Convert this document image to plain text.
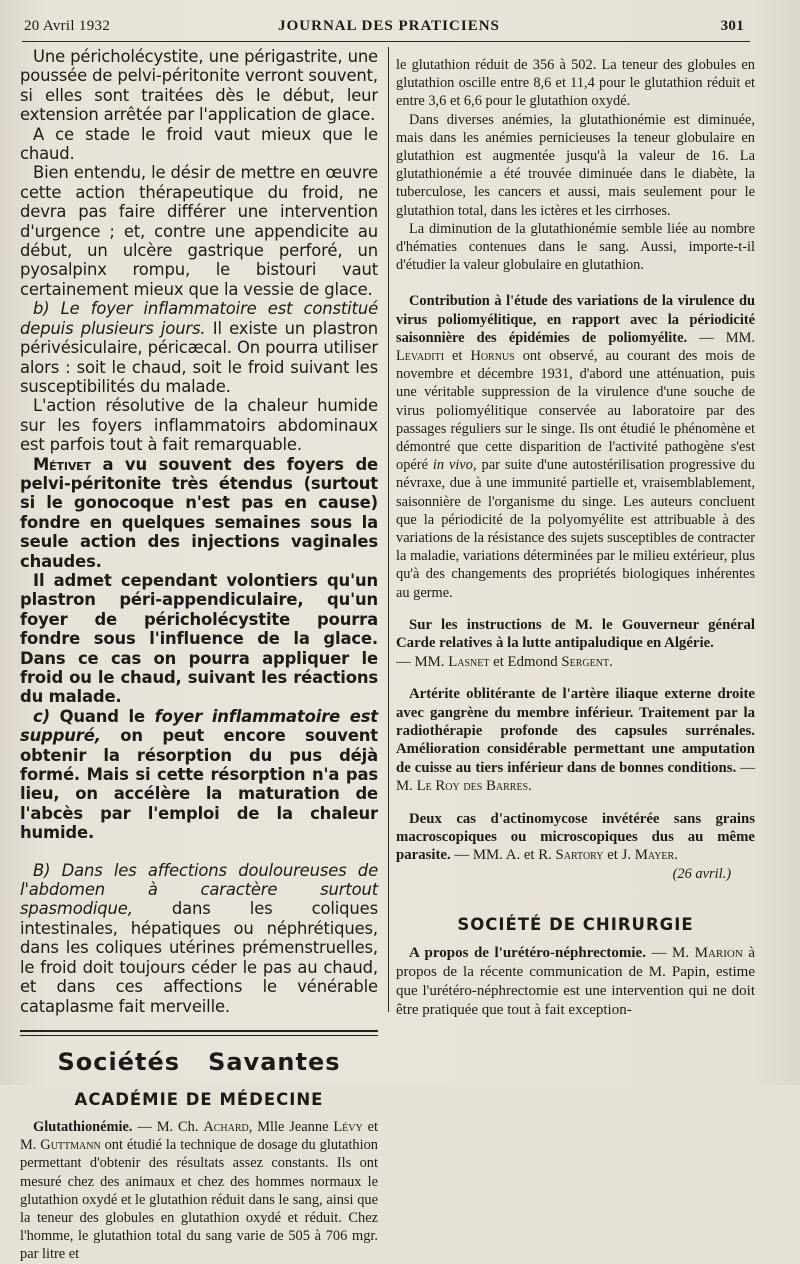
20 Avril 1932	JOURNAL DES PRATICIENS	301

Une péricholécystite, une périgastrite, une poussée de pelvi-péritonite verront souvent, si elles sont traitées dès le début, leur extension arrêtée par l'application de glace.

A ce stade le froid vaut mieux que le chaud.

Bien entendu, le désir de mettre en œuvre cette action thérapeutique du froid, ne devra pas faire différer une intervention d'urgence ; et, contre une appendicite au début, un ulcère gastrique perforé, un pyosalpinx rompu, le bistouri vaut certainement mieux que la vessie de glace.

b) Le foyer inflammatoire est constitué depuis plusieurs jours. Il existe un plastron périvésiculaire, péricæcal. On pourra utiliser alors : soit le chaud, soit le froid suivant les susceptibilités du malade.

L'action résolutive de la chaleur humide sur les foyers inflammatoirs abdominaux est parfois tout à fait remarquable.

Métivet a vu souvent des foyers de pelvi-péritonite très étendus (surtout si le gonocoque n'est pas en cause) fondre en quelques semaines sous la seule action des injections vaginales chaudes.

Il admet cependant volontiers qu'un plastron péri-appendiculaire, qu'un foyer de péricholécystite pourra fondre sous l'influence de la glace. Dans ce cas on pourra appliquer le froid ou le chaud, suivant les réactions du malade.

c) Quand le foyer inflammatoire est suppuré, on peut encore souvent obtenir la résorption du pus déjà formé. Mais si cette résorption n'a pas lieu, on accélère la maturation de l'abcès par l'emploi de la chaleur humide.

B) Dans les affections douloureuses de l'abdomen à caractère surtout spasmodique, dans les coliques intestinales, hépatiques ou néphrétiques, dans les coliques utérines prémenstruelles, le froid doit toujours céder le pas au chaud, et dans ces affections le vénérable cataplasme fait merveille.

Sociétés   Savantes

ACADÉMIE DE MÉDECINE

Glutathionémie. — M. Ch. Achard, Mlle Jeanne Lévy et M. Guttmann ont étudié la technique de dosage du glutathion permettant d'obtenir des résultats assez constants. Ils ont mesuré chez des animaux et chez des hommes normaux le glutathion oxydé et le glutathion réduit dans le sang, ainsi que la teneur des globules en glutathion oxydé et réduit. Chez l'homme, le glutathion total du sang varie de 505 à 706 mgr. par litre et

le glutathion réduit de 356 à 502. La teneur des globules en glutathion oscille entre 8,6 et 11,4 pour le glutathion réduit et entre 3,6 et 6,6 pour le glutathion oxydé.

Dans diverses anémies, la glutathionémie est diminuée, mais dans les anémies pernicieuses la teneur globulaire en glutathion est augmentée jusqu'à la valeur de 16. La glutathionémie a été trouvée diminuée dans le diabète, la tuberculose, les cancers et aussi, mais seulement pour le glutathion total, dans les ictères et les cirrhoses.

La diminution de la glutathionémie semble liée au nombre d'hématies contenues dans le sang. Aussi, importe-t-il d'étudier la valeur globulaire en glutathion.

Contribution à l'étude des variations de la virulence du virus poliomyélitique, en rapport avec la périodicité saisonnière des épidémies de poliomyélite. — MM. Levaditi et Hornus ont observé, au courant des mois de novembre et décembre 1931, d'abord une atténuation, puis une véritable suppression de la virulence d'une souche de virus poliomyélitique conservée au laboratoire par des passages réguliers sur le singe. Ils ont étudié le phénomène et démontré que cette disparition de l'activité pathogène s'est opéré in vivo, par suite d'une autostérilisation progressive du névraxe, due à une immunité partielle et, vraisemblablement, saisonnière de l'organisme du singe. Les auteurs concluent que la périodicité de la polyomyélite est attribuable à des variations de la résistance des sujets susceptibles de contracter la maladie, variations déterminées par le milieu extérieur, plus qu'à des changements des propriétés biologiques inhérentes au germe.

Sur les instructions de M. le Gouverneur général Carde relatives à la lutte antipaludique en Algérie.
— MM. Lasnet et Edmond Sergent.

Artérite oblitérante de l'artère iliaque externe droite avec gangrène du membre inférieur. Traitement par la radiothérapie profonde des capsules surrénales. Amélioration considérable permettant une amputation de cuisse au tiers inférieur dans de bonnes conditions. — M. Le Roy des Barres.

Deux cas d'actinomycose invétérée sans grains macroscopiques ou microscopiques dus au même parasite. — MM. A. et R. Sartory et J. Mayer.

(26 avril.)

SOCIÉTÉ DE CHIRURGIE

A propos de l'urétéro-néphrectomie. — M. Marion à propos de la récente communication de M. Papin, estime que l'urétéro-néphrectomie est une intervention qui ne doit être pratiquée que tout à fait exception-
